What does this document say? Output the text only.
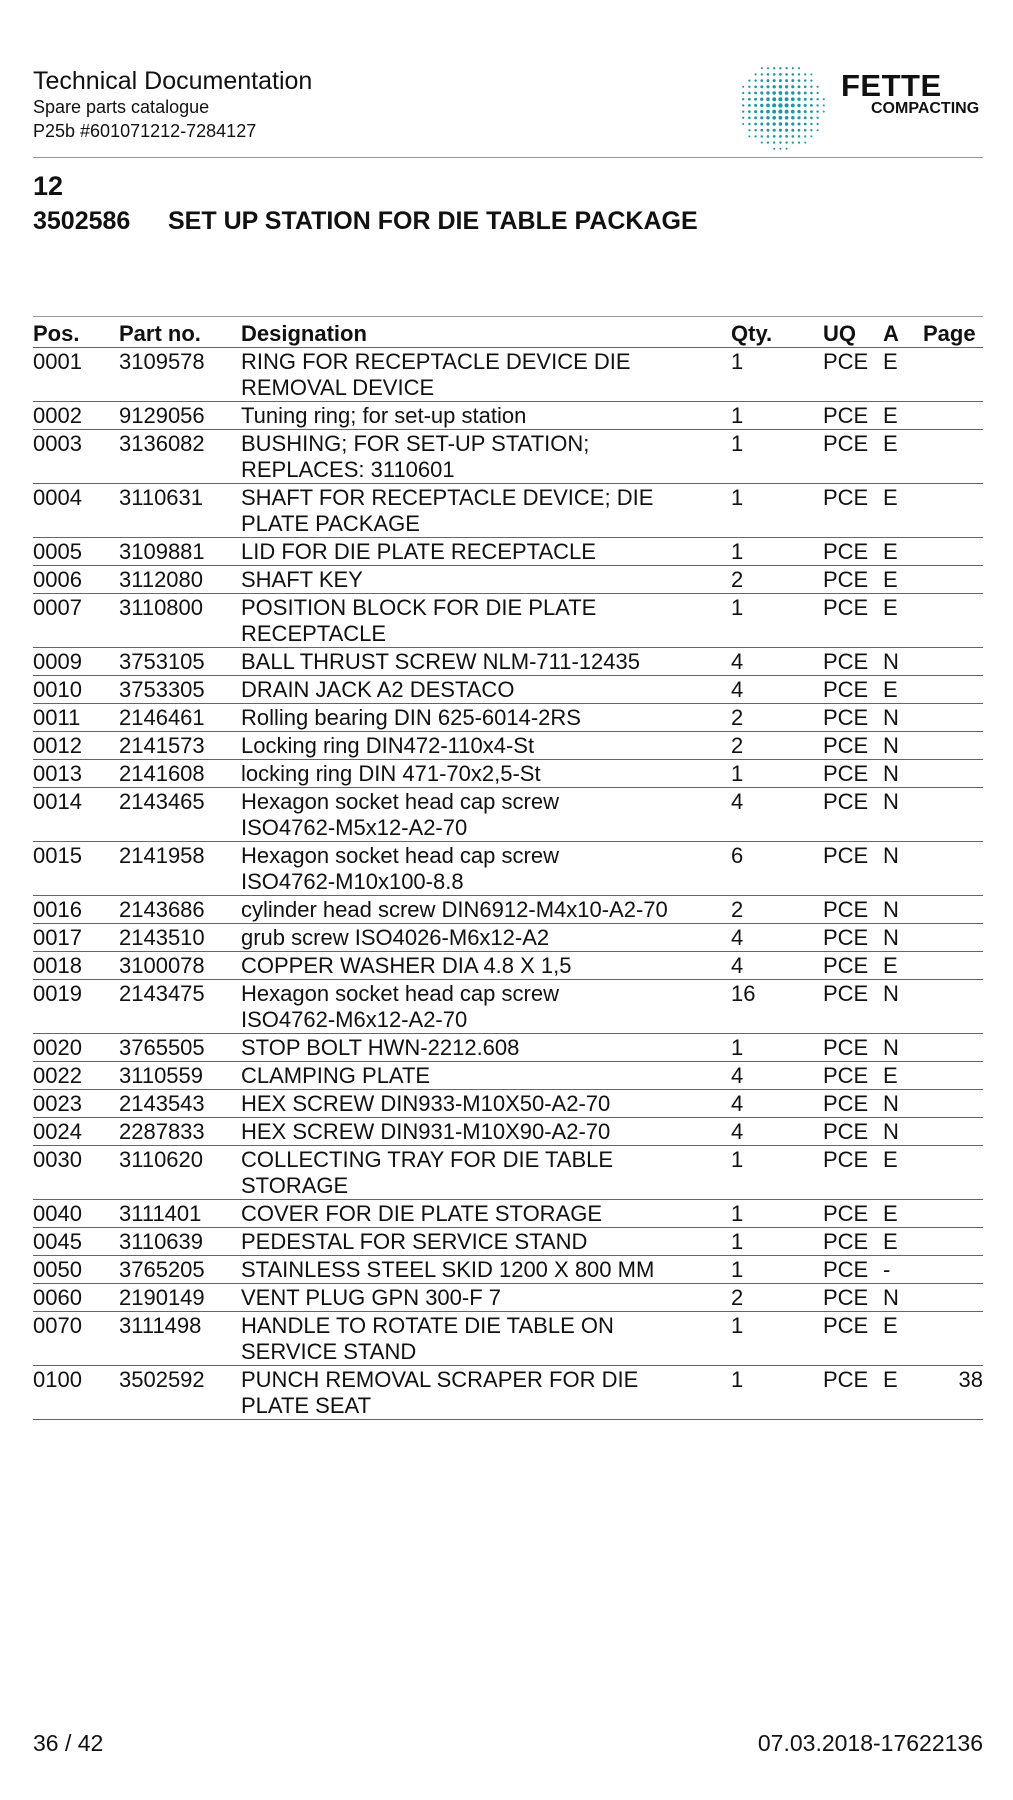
Technical Documentation
Spare parts catalogue
P25b #601071212-7284127
FETTE
COMPACTING
12
3502586 SET UP STATION FOR DIE TABLE PACKAGE
Pos.	Part no.	Designation	Qty.	UQ	A	Page
0001	3109578	RING FOR RECEPTACLE DEVICE DIE
REMOVAL DEVICE	1	PCE	E	
0002	9129056	Tuning ring; for set-up station	1	PCE	E	
0003	3136082	BUSHING; FOR SET-UP STATION;
REPLACES: 3110601	1	PCE	E	
0004	3110631	SHAFT FOR RECEPTACLE DEVICE; DIE
PLATE PACKAGE	1	PCE	E	
0005	3109881	LID FOR DIE PLATE RECEPTACLE	1	PCE	E	
0006	3112080	SHAFT KEY	2	PCE	E	
0007	3110800	POSITION BLOCK FOR DIE PLATE
RECEPTACLE	1	PCE	E	
0009	3753105	BALL THRUST SCREW NLM-711-12435	4	PCE	N	
0010	3753305	DRAIN JACK A2 DESTACO	4	PCE	E	
0011	2146461	Rolling bearing DIN 625-6014-2RS	2	PCE	N	
0012	2141573	Locking ring DIN472-110x4-St	2	PCE	N	
0013	2141608	locking ring DIN 471-70x2,5-St	1	PCE	N	
0014	2143465	Hexagon socket head cap screw
ISO4762-M5x12-A2-70	4	PCE	N	
0015	2141958	Hexagon socket head cap screw
ISO4762-M10x100-8.8	6	PCE	N	
0016	2143686	cylinder head screw DIN6912-M4x10-A2-70	2	PCE	N	
0017	2143510	grub screw ISO4026-M6x12-A2	4	PCE	N	
0018	3100078	COPPER WASHER DIA 4.8 X 1,5	4	PCE	E	
0019	2143475	Hexagon socket head cap screw
ISO4762-M6x12-A2-70	16	PCE	N	
0020	3765505	STOP BOLT HWN-2212.608	1	PCE	N	
0022	3110559	CLAMPING PLATE	4	PCE	E	
0023	2143543	HEX SCREW DIN933-M10X50-A2-70	4	PCE	N	
0024	2287833	HEX SCREW DIN931-M10X90-A2-70	4	PCE	N	
0030	3110620	COLLECTING TRAY FOR DIE TABLE
STORAGE	1	PCE	E	
0040	3111401	COVER FOR DIE PLATE STORAGE	1	PCE	E	
0045	3110639	PEDESTAL FOR SERVICE STAND	1	PCE	E	
0050	3765205	STAINLESS STEEL SKID 1200 X 800 MM	1	PCE	-	
0060	2190149	VENT PLUG GPN 300-F 7	2	PCE	N	
0070	3111498	HANDLE TO ROTATE DIE TABLE ON
SERVICE STAND	1	PCE	E	
0100	3502592	PUNCH REMOVAL SCRAPER FOR DIE
PLATE SEAT	1	PCE	E	38
36 / 42	07.03.2018-17622136
